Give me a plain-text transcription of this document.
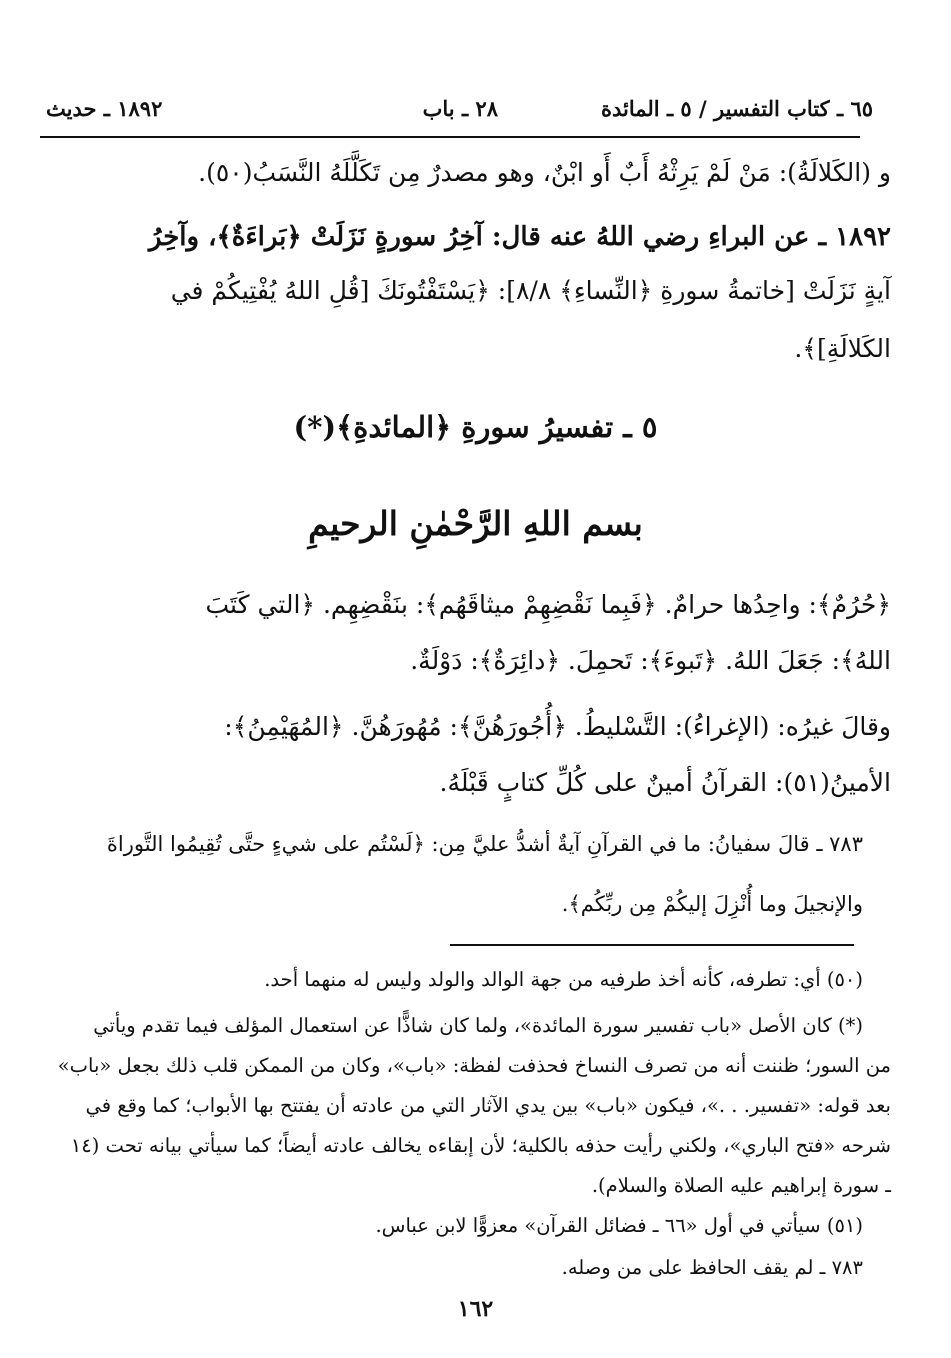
٦٥ ـ كتاب التفسير / ٥ ـ المائدة
٢٨ ـ باب
١٨٩٢ ـ حديث
و (الكَلالَةُ): مَنْ لَمْ يَرِثْهُ أَبٌ أَو ابْنٌ، وهو مصدرٌ مِن تَكَلَّلَهُ النَّسَبُ(٥٠).
١٨٩٢ ـ عن البراءِ رضي اللهُ عنه قال: آخِرُ سورةٍ نَزَلَتْ ﴿بَراءَةٌ﴾، وآخِرُ
آيةٍ نَزَلَتْ [خاتمةُ سورةِ ﴿النِّساءِ﴾ ٨/٨]: ﴿يَسْتَفْتُونَكَ [قُلِ اللهُ يُفْتِيكُمْ في
الكَلالَةِ]﴾.
٥ ـ تفسيرُ سورةِ ﴿المائدةِ﴾(*)
بسم اللهِ الرَّحْمٰنِ الرحيمِ
﴿حُرُمٌ﴾: واحِدُها حرامٌ. ﴿فَبِما نَقْضِهِمْ ميثاقَهُم﴾: بنَقْضِهِم. ﴿التي كَتَبَ
اللهُ﴾: جَعَلَ اللهُ. ﴿تَبوءَ﴾: تَحمِلَ. ﴿دائِرَةٌ﴾: دَوْلَةٌ.
وقالَ غيرُه: (الإغراءُ): التَّسْليطُ. ﴿أُجُورَهُنَّ﴾: مُهُورَهُنَّ. ﴿المُهَيْمِنُ﴾:
الأمينُ(٥١): القرآنُ أمينٌ على كُلِّ كتابٍ قَبْلَهُ.
٧٨٣ ـ قالَ سفيانُ: ما في القرآنِ آيةٌ أشدُّ عليَّ مِن: ﴿لَسْتُم على شيءٍ حتَّى تُقِيمُوا التَّوراةَ
والإنجيلَ وما أُنْزِلَ إليكُمْ مِن ربِّكُم﴾.
(٥٠) أي: تطرفه، كأنه أخذ طرفيه من جهة الوالد والولد وليس له منهما أحد.
(*) كان الأصل «باب تفسير سورة المائدة»، ولما كان شاذًّا عن استعمال المؤلف فيما تقدم ويأتي
من السور؛ ظننت أنه من تصرف النساخ فحذفت لفظة: «باب»، وكان من الممكن قلب ذلك بجعل «باب»
بعد قوله: «تفسير. . .»، فيكون «باب» بين يدي الآثار التي من عادته أن يفتتح بها الأبواب؛ كما وقع في
شرحه «فتح الباري»، ولكني رأيت حذفه بالكلية؛ لأن إبقاءه يخالف عادته أيضاً؛ كما سيأتي بيانه تحت (١٤
ـ سورة إبراهيم عليه الصلاة والسلام).
(٥١) سيأتي في أول «٦٦ ـ فضائل القرآن» معزوًّا لابن عباس.
٧٨٣ ـ لم يقف الحافظ على من وصله.
١٦٢
